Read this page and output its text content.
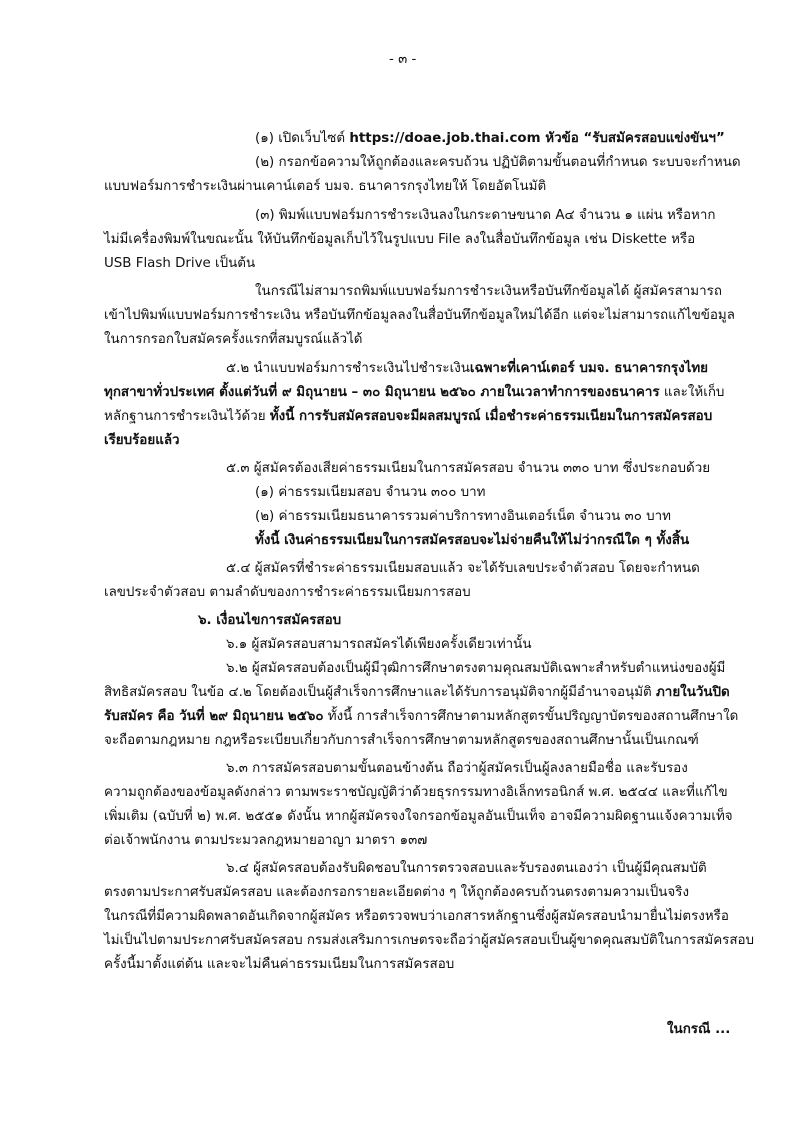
- ๓ -
(๑) เปิดเว็บไซต์ https://doae.job.thai.com หัวข้อ “รับสมัครสอบแข่งขันฯ”
(๒) กรอกข้อความให้ถูกต้องและครบถ้วน ปฏิบัติตามขั้นตอนที่กำหนด ระบบจะกำหนด
แบบฟอร์มการชำระเงินผ่านเคาน์เตอร์ บมจ. ธนาคารกรุงไทยให้ โดยอัตโนมัติ
(๓) พิมพ์แบบฟอร์มการชำระเงินลงในกระดาษขนาด A๔ จำนวน ๑ แผ่น หรือหาก
ไม่มีเครื่องพิมพ์ในขณะนั้น ให้บันทึกข้อมูลเก็บไว้ในรูปแบบ File ลงในสื่อบันทึกข้อมูล เช่น Diskette หรือ
USB Flash Drive เป็นต้น
ในกรณีไม่สามารถพิมพ์แบบฟอร์มการชำระเงินหรือบันทึกข้อมูลได้ ผู้สมัครสามารถ
เข้าไปพิมพ์แบบฟอร์มการชำระเงิน หรือบันทึกข้อมูลลงในสื่อบันทึกข้อมูลใหม่ได้อีก แต่จะไม่สามารถแก้ไขข้อมูล
ในการกรอกใบสมัครครั้งแรกที่สมบูรณ์แล้วได้
๕.๒ นำแบบฟอร์มการชำระเงินไปชำระเงินเฉพาะที่เคาน์เตอร์ บมจ. ธนาคารกรุงไทย
ทุกสาขาทั่วประเทศ ตั้งแต่วันที่ ๙ มิถุนายน – ๓๐ มิถุนายน ๒๕๖๐ ภายในเวลาทำการของธนาคาร และให้เก็บ
หลักฐานการชำระเงินไว้ด้วย ทั้งนี้ การรับสมัครสอบจะมีผลสมบูรณ์ เมื่อชำระค่าธรรมเนียมในการสมัครสอบ
เรียบร้อยแล้ว
๕.๓ ผู้สมัครต้องเสียค่าธรรมเนียมในการสมัครสอบ จำนวน ๓๓๐ บาท ซึ่งประกอบด้วย
(๑) ค่าธรรมเนียมสอบ จำนวน ๓๐๐ บาท
(๒) ค่าธรรมเนียมธนาคารรวมค่าบริการทางอินเตอร์เน็ต จำนวน ๓๐ บาท
ทั้งนี้ เงินค่าธรรมเนียมในการสมัครสอบจะไม่จ่ายคืนให้ไม่ว่ากรณีใด ๆ ทั้งสิ้น
๕.๔ ผู้สมัครที่ชำระค่าธรรมเนียมสอบแล้ว จะได้รับเลขประจำตัวสอบ โดยจะกำหนด
เลขประจำตัวสอบ ตามลำดับของการชำระค่าธรรมเนียมการสอบ
๖. เงื่อนไขการสมัครสอบ
๖.๑ ผู้สมัครสอบสามารถสมัครได้เพียงครั้งเดียวเท่านั้น
๖.๒ ผู้สมัครสอบต้องเป็นผู้มีวุฒิการศึกษาตรงตามคุณสมบัติเฉพาะสำหรับตำแหน่งของผู้มี
สิทธิสมัครสอบ ในข้อ ๔.๒ โดยต้องเป็นผู้สำเร็จการศึกษาและได้รับการอนุมัติจากผู้มีอำนาจอนุมัติ ภายในวันปิด
รับสมัคร คือ วันที่ ๒๙ มิถุนายน ๒๕๖๐ ทั้งนี้ การสำเร็จการศึกษาตามหลักสูตรขั้นปริญญาบัตรของสถานศึกษาใด
จะถือตามกฎหมาย กฎหรือระเบียบเกี่ยวกับการสำเร็จการศึกษาตามหลักสูตรของสถานศึกษานั้นเป็นเกณฑ์
๖.๓ การสมัครสอบตามขั้นตอนข้างต้น ถือว่าผู้สมัครเป็นผู้ลงลายมือชื่อ และรับรอง
ความถูกต้องของข้อมูลดังกล่าว ตามพระราชบัญญัติว่าด้วยธุรกรรมทางอิเล็กทรอนิกส์ พ.ศ. ๒๕๔๔ และที่แก้ไข
เพิ่มเติม (ฉบับที่ ๒) พ.ศ. ๒๕๕๑ ดังนั้น หากผู้สมัครจงใจกรอกข้อมูลอันเป็นเท็จ อาจมีความผิดฐานแจ้งความเท็จ
ต่อเจ้าพนักงาน ตามประมวลกฎหมายอาญา มาตรา ๑๓๗
๖.๔ ผู้สมัครสอบต้องรับผิดชอบในการตรวจสอบและรับรองตนเองว่า เป็นผู้มีคุณสมบัติ
ตรงตามประกาศรับสมัครสอบ และต้องกรอกรายละเอียดต่าง ๆ ให้ถูกต้องครบถ้วนตรงตามความเป็นจริง
ในกรณีที่มีความผิดพลาดอันเกิดจากผู้สมัคร หรือตรวจพบว่าเอกสารหลักฐานซึ่งผู้สมัครสอบนำมายื่นไม่ตรงหรือ
ไม่เป็นไปตามประกาศรับสมัครสอบ กรมส่งเสริมการเกษตรจะถือว่าผู้สมัครสอบเป็นผู้ขาดคุณสมบัติในการสมัครสอบ
ครั้งนี้มาตั้งแต่ต้น และจะไม่คืนค่าธรรมเนียมในการสมัครสอบ
ในกรณี ...
